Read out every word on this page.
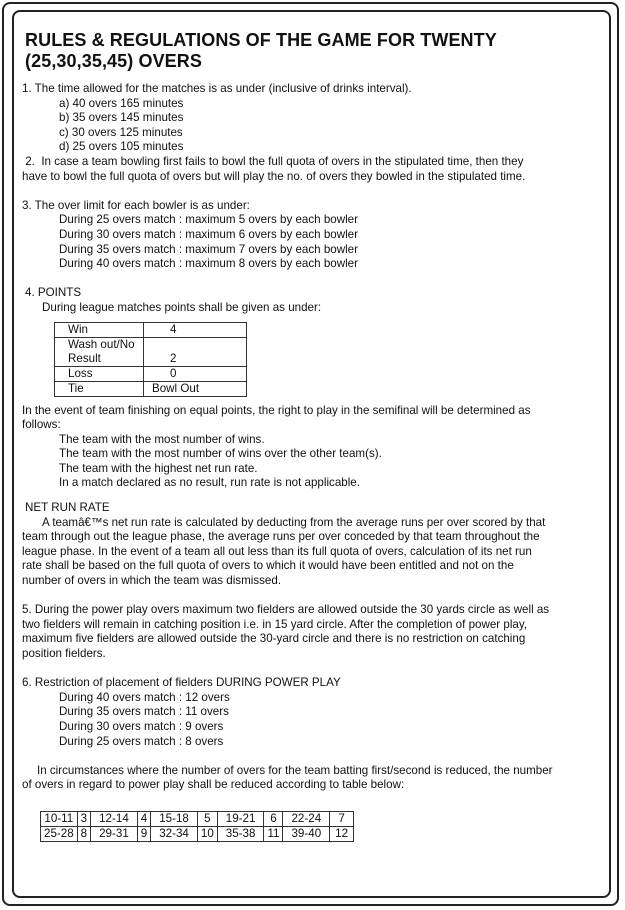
RULES & REGULATIONS OF THE GAME FOR TWENTY
(25,30,35,45) OVERS

1. The time allowed for the matches is as under (inclusive of drinks interval).

a) 40 overs 165 minutes

b) 35 overs 145 minutes

c) 30 overs 125 minutes

d) 25 overs 105 minutes

2.  In case a team bowling first fails to bowl the full quota of overs in the stipulated time, then they

have to bowl the full quota of overs but will play the no. of overs they bowled in the stipulated time.

3. The over limit for each bowler is as under:

During 25 overs match : maximum 5 overs by each bowler

During 30 overs match : maximum 6 overs by each bowler

During 35 overs match : maximum 7 overs by each bowler

During 40 overs match : maximum 8 overs by each bowler

4. POINTS

During league matches points shall be given as under:

Win	4
Wash out/No	
Result	2
Loss	0
Tie	Bowl Out

In the event of team finishing on equal points, the right to play in the semifinal will be determined as

follows:

The team with the most number of wins.

The team with the most number of wins over the other team(s).

The team with the highest net run rate.

In a match declared as no result, run rate is not applicable.

NET RUN RATE

A teamâ€™s net run rate is calculated by deducting from the average runs per over scored by that

team through out the league phase, the average runs per over conceded by that team throughout the

league phase. In the event of a team all out less than its full quota of overs, calculation of its net run

rate shall be based on the full quota of overs to which it would have been entitled and not on the

number of overs in which the team was dismissed.

5. During the power play overs maximum two fielders are allowed outside the 30 yards circle as well as

two fielders will remain in catching position i.e. in 15 yard circle. After the completion of power play,

maximum five fielders are allowed outside the 30-yard circle and there is no restriction on catching

position fielders.

6. Restriction of placement of fielders DURING POWER PLAY

During 40 overs match : 12 overs

During 35 overs match : 11 overs

During 30 overs match : 9 overs

During 25 overs match : 8 overs

In circumstances where the number of overs for the team batting first/second is reduced, the number

of overs in regard to power play shall be reduced according to table below:

10-11	3	12-14	4	15-18	5	19-21	6	22-24	7
25-28	8	29-31	9	32-34	10	35-38	11	39-40	12
